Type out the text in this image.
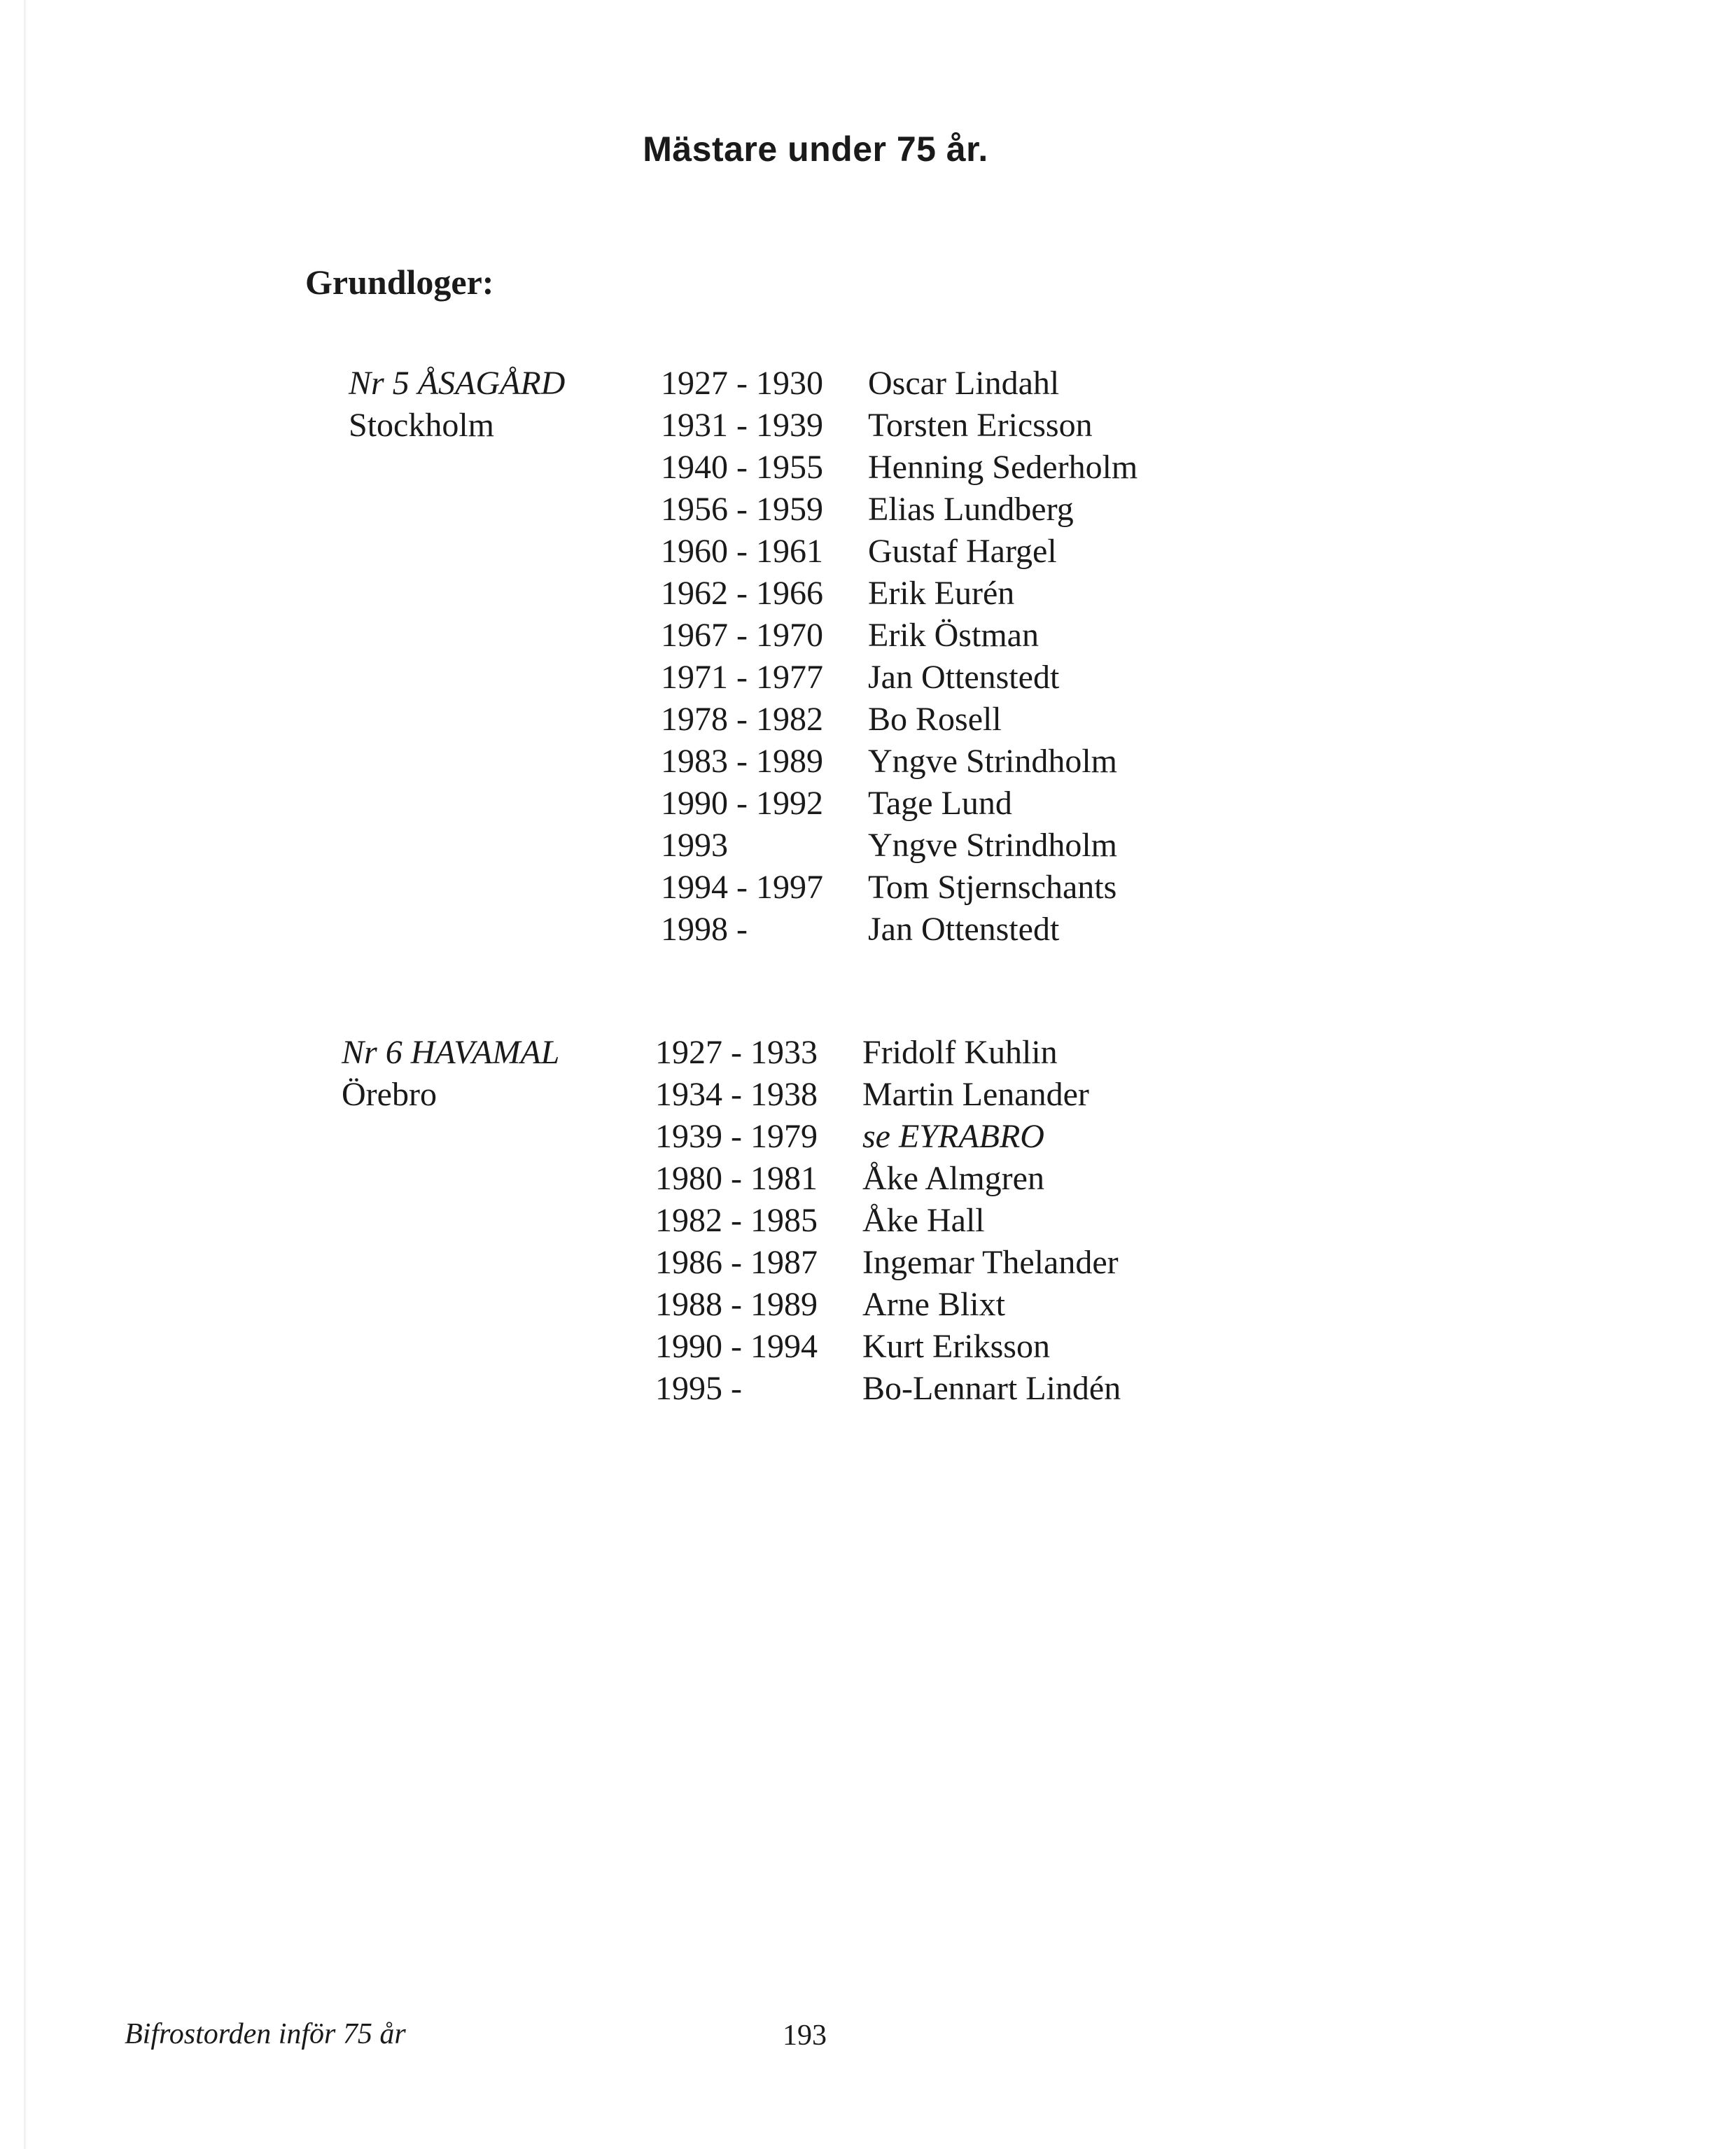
Mästare under 75 år.
Grundloger:
Nr 5 ÅSAGÅRD
Stockholm
1927 - 1930 Oscar Lindahl
1931 - 1939 Torsten Ericsson
1940 - 1955 Henning Sederholm
1956 - 1959 Elias Lundberg
1960 - 1961 Gustaf Hargel
1962 - 1966 Erik Eurén
1967 - 1970 Erik Östman
1971 - 1977 Jan Ottenstedt
1978 - 1982 Bo Rosell
1983 - 1989 Yngve Strindholm
1990 - 1992 Tage Lund
1993	Yngve Strindholm
1994 - 1997 Tom Stjernschants
1998 -	Jan Ottenstedt
Nr 6 HAVAMAL
Örebro
1927 - 1933 Fridolf Kuhlin
1934 - 1938 Martin Lenander
1939 - 1979 se EYRABRO
1980 - 1981 Åke Almgren
1982 - 1985 Åke Hall
1986 - 1987 Ingemar Thelander
1988 - 1989 Arne Blixt
1990 - 1994 Kurt Eriksson
1995 -	Bo-Lennart Lindén
Bifrostorden inför 75 år	193
